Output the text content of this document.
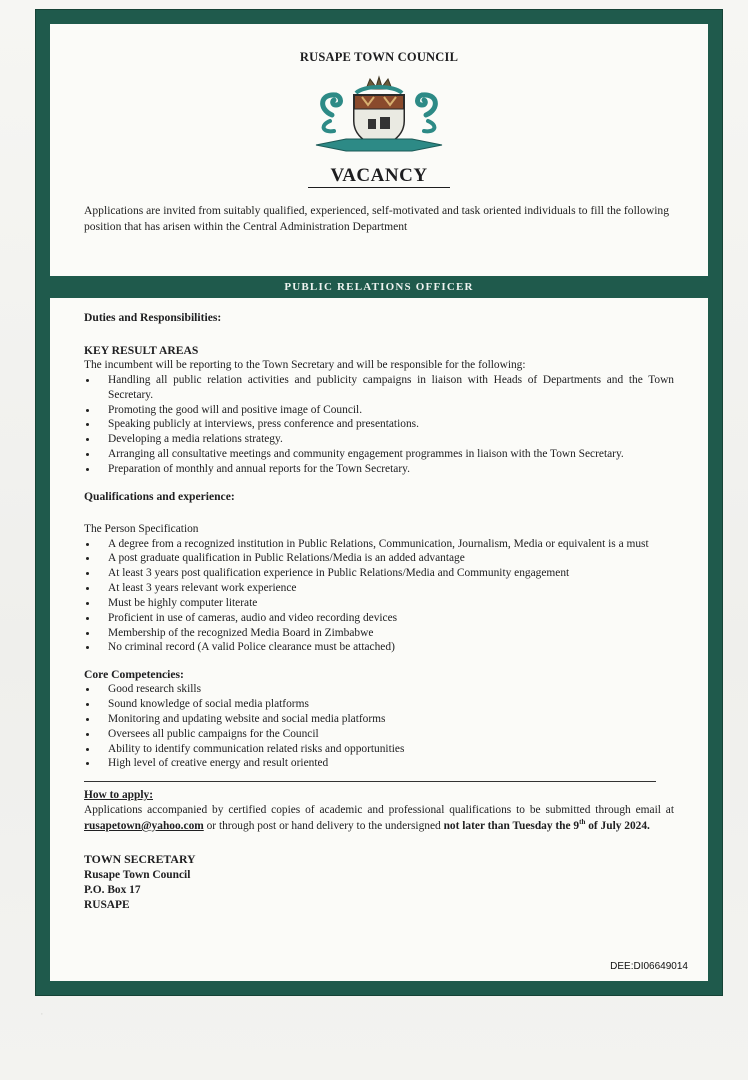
·
RUSAPE TOWN COUNCIL
VACANCY

Applications are invited from suitably qualified, experienced, self-motivated and task oriented individuals to fill the following position that has arisen within the Central Administration Department

PUBLIC RELATIONS OFFICER
Duties and Responsibilities:
KEY RESULT AREAS
The incumbent will be reporting to the Town Secretary and will be responsible for the following:
Handling all public relation activities and publicity campaigns in liaison with Heads of Departments and the Town Secretary.
Promoting the good will and positive image of Council.
Speaking publicly at interviews, press conference and presentations.
Developing a media relations strategy.
Arranging all consultative meetings and community engagement programmes in liaison with the Town Secretary.
Preparation of monthly and annual reports for the Town Secretary.
Qualifications and experience:
The Person Specification
A degree from a recognized institution in Public Relations, Communication, Journalism, Media or equivalent is a must
A post graduate qualification in Public Relations/Media is an added advantage
At least 3 years post qualification experience in Public Relations/Media and Community engagement
At least 3 years relevant work experience
Must be highly computer literate
Proficient in use of cameras, audio and video recording devices
Membership of the recognized Media Board in Zimbabwe
No criminal record (A valid Police clearance must be attached)
Core Competencies:
Good research skills
Sound knowledge of social media platforms
Monitoring and updating website and social media platforms
Oversees all public campaigns for the Council
Ability to identify communication related risks and opportunities
High level of creative energy and result oriented
How to apply:

Applications accompanied by certified copies of academic and professional qualifications to be submitted through email at rusapetown@yahoo.com or through post or hand delivery to the undersigned not later than Tuesday the 9th of July 2024.

TOWN SECRETARY
Rusape Town Council
P.O. Box 17
RUSAPE
DEE:DI06649014
